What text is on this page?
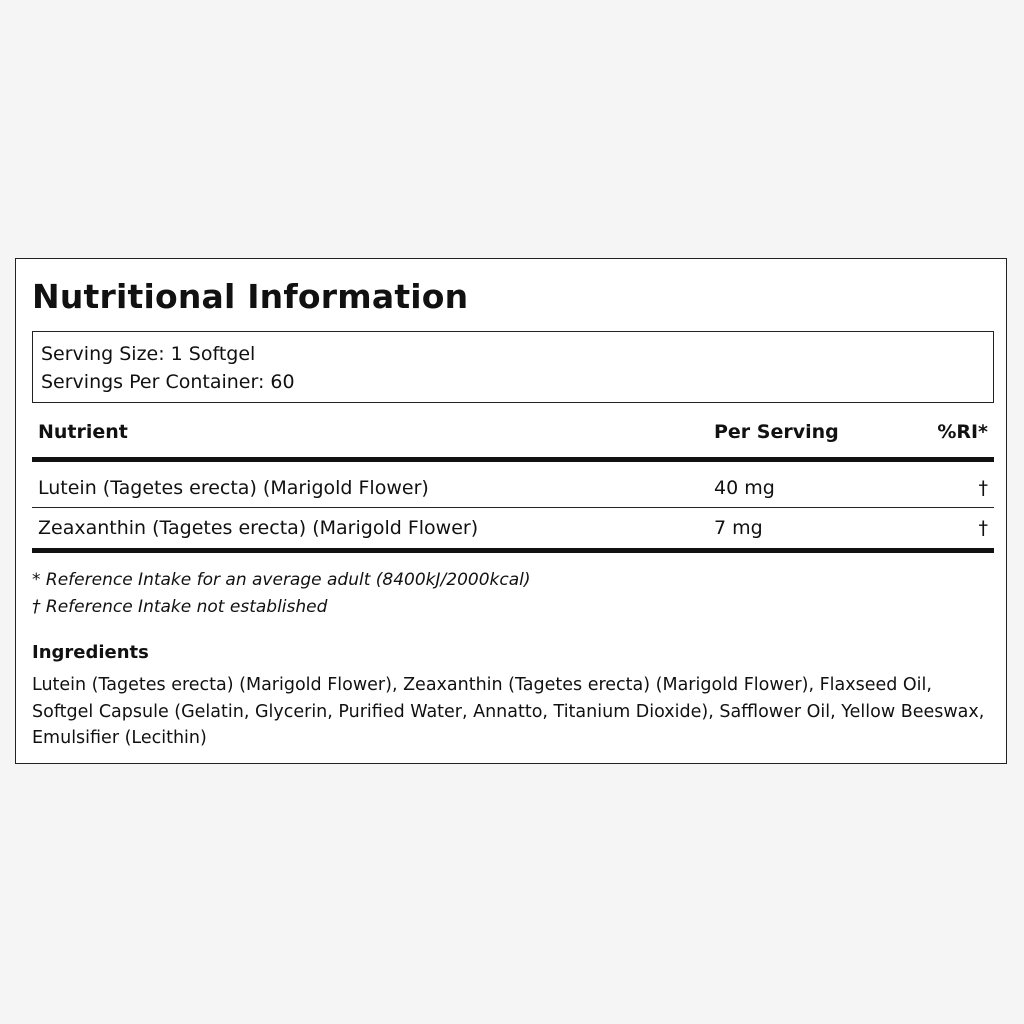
Nutritional Information
Serving Size: 1 Softgel
Servings Per Container: 60
Nutrient	Per Serving	%RI*
Lutein (Tagetes erecta) (Marigold Flower)	40 mg	†
Zeaxanthin (Tagetes erecta) (Marigold Flower)	7 mg	†
* Reference Intake for an average adult (8400kJ/2000kcal)
† Reference Intake not established
Ingredients
Lutein (Tagetes erecta) (Marigold Flower), Zeaxanthin (Tagetes erecta) (Marigold Flower), Flaxseed Oil, Softgel Capsule (Gelatin, Glycerin, Purified Water, Annatto, Titanium Dioxide), Safflower Oil, Yellow Beeswax, Emulsifier (Lecithin)
